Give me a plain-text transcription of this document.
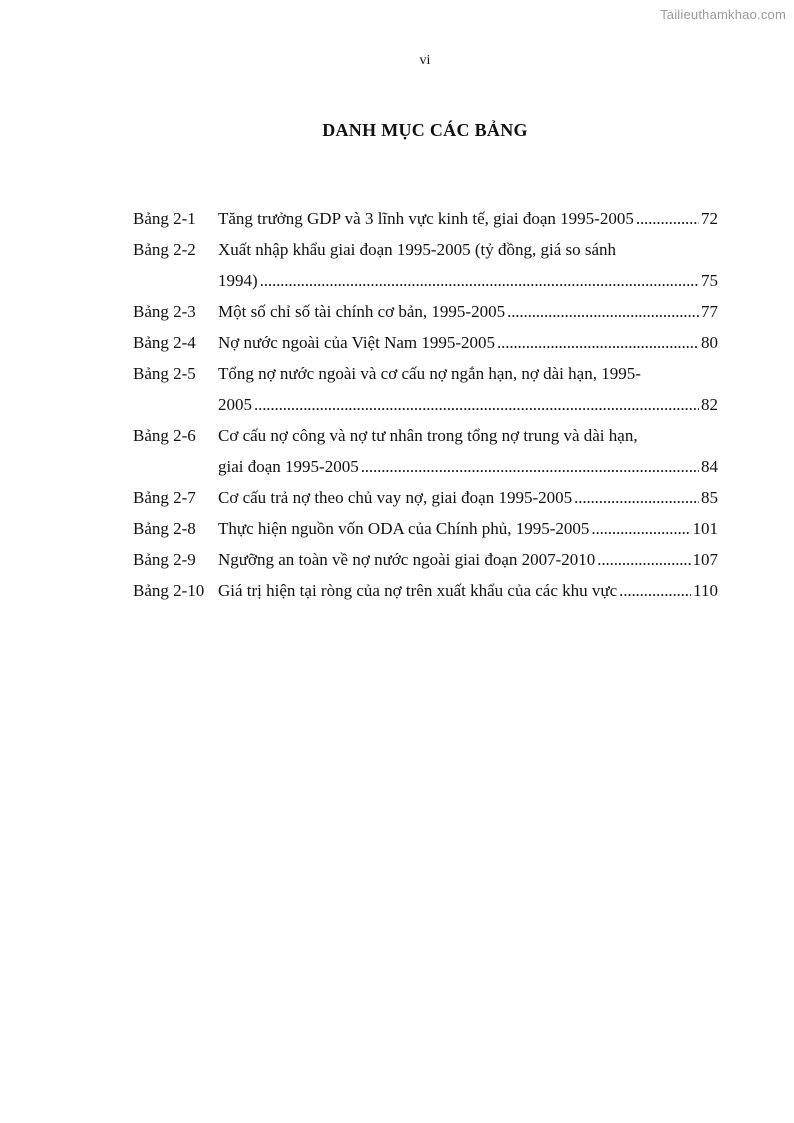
Tailieuthamkhao.com
vi
DANH MỤC CÁC BẢNG
Bảng 2-1	Tăng trưởng GDP và 3 lĩnh vực kinh tế, giai đoạn 1995-2005 . . .	72
Bảng 2-2	Xuất nhập khẩu giai đoạn 1995-2005 (tỷ đồng, giá so sánh
1994) . . .	75
Bảng 2-3	Một số chỉ số tài chính cơ bản, 1995-2005 . . .	77
Bảng 2-4	Nợ nước ngoài của Việt Nam 1995-2005 . . .	80
Bảng 2-5	Tổng nợ nước ngoài và cơ cấu nợ ngắn hạn, nợ dài hạn, 1995-
2005 . . .	82
Bảng 2-6	Cơ cấu nợ công và nợ tư nhân trong tổng nợ trung và dài hạn,
giai đoạn 1995-2005 . . .	84
Bảng 2-7	Cơ cấu trả nợ theo chủ vay nợ, giai đoạn 1995-2005 . . .	85
Bảng 2-8	Thực hiện nguồn vốn ODA của Chính phủ, 1995-2005 . . .	101
Bảng 2-9	Ngưỡng an toàn về nợ nước ngoài giai đoạn 2007-2010 . . .	107
Bảng 2-10 Giá trị hiện tại ròng của nợ trên xuất khẩu của các khu vực . . .	110
